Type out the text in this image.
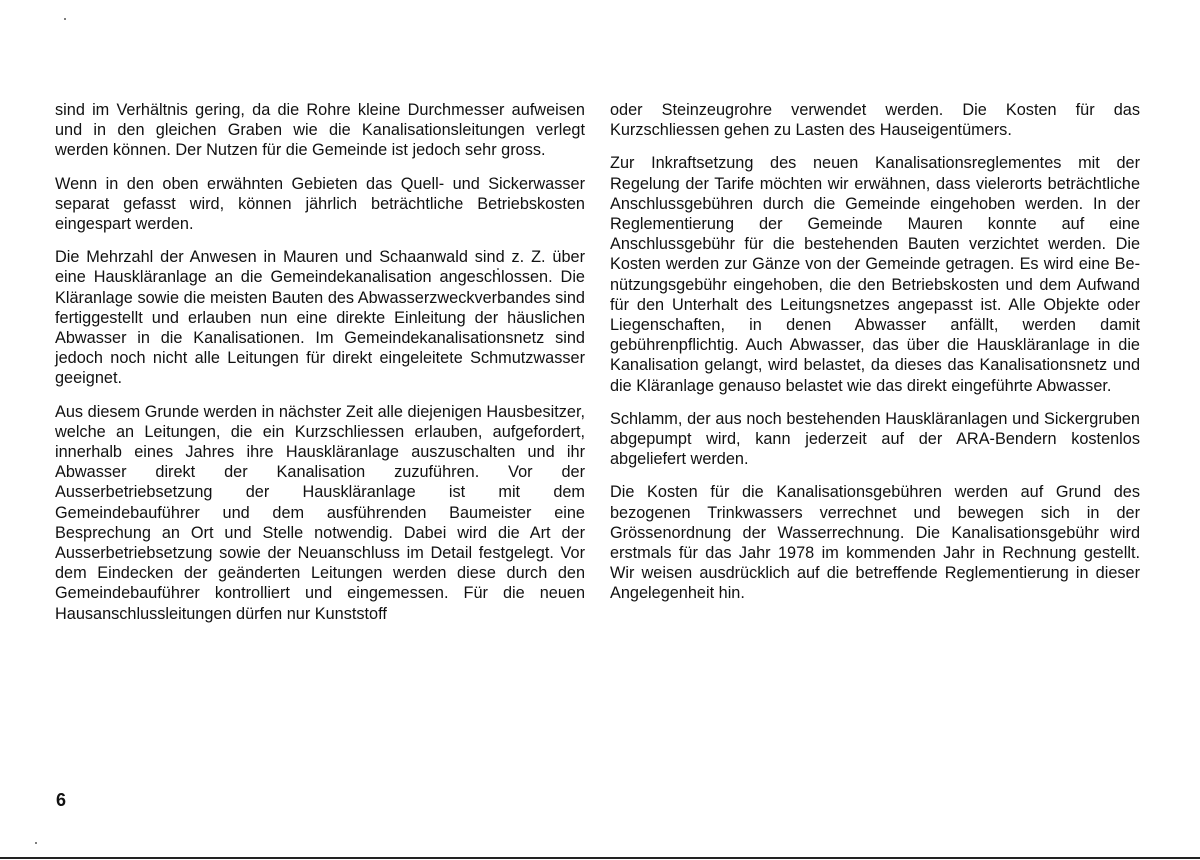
sind im Verhältnis gering, da die Rohre kleine Durchmesser aufweisen und in den gleichen Graben wie die Kanalisationsleitungen verlegt werden können. Der Nutzen für die Gemeinde ist jedoch sehr gross.

Wenn in den oben erwähnten Gebieten das Quell- und Sickerwasser separat gefasst wird, können jährlich beträchtliche Betriebskosten eingespart werden.

Die Mehrzahl der Anwesen in Mauren und Schaanwald sind z. Z. über eine Hauskläranlage an die Gemeindekanalisation angeschlossen. Die Kläranlage sowie die meisten Bauten des Abwasserzweckverbandes sind fertiggestellt und erlauben nun eine direkte Einleitung der häuslichen Abwasser in die Kanalisationen. Im Gemeindekanalisationsnetz sind jedoch noch nicht alle Leitungen für direkt eingeleitete Schmutzwasser geeignet.

Aus diesem Grunde werden in nächster Zeit alle diejenigen Hausbesitzer, welche an Leitungen, die ein Kurzschliessen erlauben, aufgefordert, innerhalb eines Jahres ihre Hauskläranlage auszuschalten und ihr Abwasser direkt der Kanalisation zuzuführen. Vor der Ausserbetriebsetzung der Hauskläranlage ist mit dem Gemeindebauführer und dem ausführenden Baumeister eine Besprechung an Ort und Stelle notwendig. Dabei wird die Art der Ausserbetriebsetzung sowie der Neuanschluss im Detail festgelegt. Vor dem Eindecken der geänderten Leitungen werden diese durch den Gemeindebauführer kontrolliert und eingemessen. Für die neuen Hausanschlussleitungen dürfen nur Kunststoff

oder Steinzeugrohre verwendet werden. Die Kosten für das Kurzschliessen gehen zu Lasten des Hauseigentümers.

Zur Inkraftsetzung des neuen Kanalisationsreglementes mit der Regelung der Tarife möchten wir erwähnen, dass vielerorts beträchtliche Anschlussgebühren durch die Gemeinde eingehoben werden. In der Reglementierung der Gemeinde Mauren konnte auf eine Anschlussgebühr für die bestehenden Bauten verzichtet werden. Die Kosten werden zur Gänze von der Gemeinde getragen. Es wird eine Benützungsgebühr eingehoben, die den Betriebskosten und dem Aufwand für den Unterhalt des Leitungsnetzes angepasst ist. Alle Objekte oder Liegenschaften, in denen Abwasser anfällt, werden damit gebührenpflichtig. Auch Abwasser, das über die Hauskläranlage in die Kanalisation gelangt, wird belastet, da dieses das Kanalisationsnetz und die Kläranlage genauso belastet wie das direkt eingeführte Abwasser.

Schlamm, der aus noch bestehenden Hauskläranlagen und Sickergruben abgepumpt wird, kann jederzeit auf der ARA-Bendern kostenlos abgeliefert werden.

Die Kosten für die Kanalisationsgebühren werden auf Grund des bezogenen Trinkwassers verrechnet und bewegen sich in der Grössenordnung der Wasserrechnung. Die Kanalisationsgebühr wird erstmals für das Jahr 1978 im kommenden Jahr in Rechnung gestellt. Wir weisen ausdrücklich auf die betreffende Reglementierung in dieser Angelegenheit hin.

6
